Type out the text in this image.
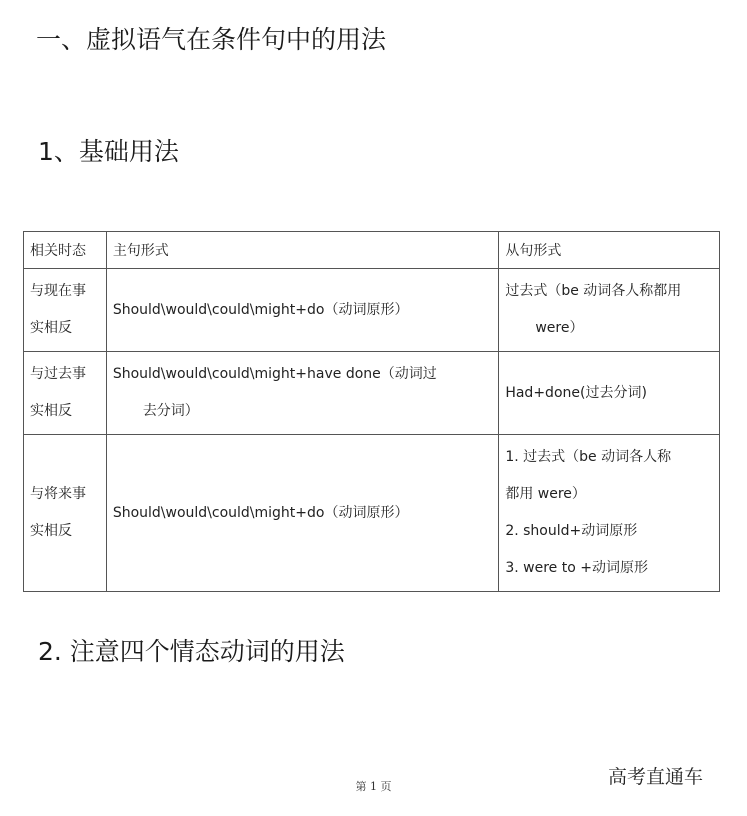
一、虚拟语气在条件句中的用法
1、基础用法
相关时态	主句形式	从句形式
与现在事实相反	Should\would\could\might+do（动词原形）	过去式（be 动词各人称都用
were）

与过去事实相反	Should\would\could\might+have done（动词过
去分词）	Had+done(过去分词)
与将来事实相反	Should\would\could\might+do（动词原形）	1. 过去式（be 动词各人称
都用 were）
2. should+动词原形
3. were to +动词原形
2. 注意四个情态动词的用法
第 1 页	高考直通车
